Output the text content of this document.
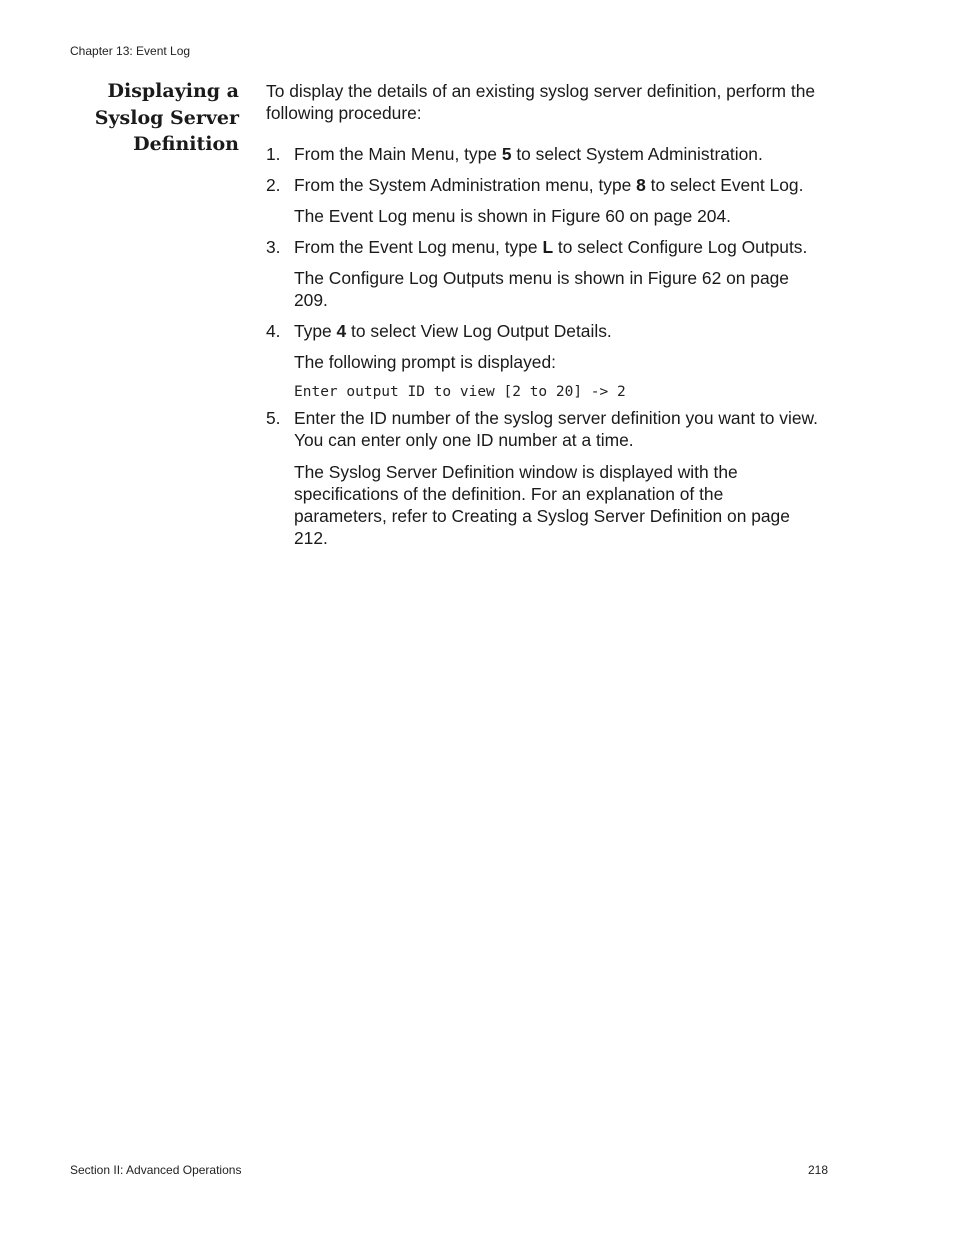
Chapter 13: Event Log
Displaying a
Syslog Server
Definition

To display the details of an existing syslog server definition, perform the following procedure:

1. From the Main Menu, type 5 to select System Administration.
2. From the System Administration menu, type 8 to select Event Log.

The Event Log menu is shown in Figure 60 on page 204.

3. From the Event Log menu, type L to select Configure Log Outputs.

The Configure Log Outputs menu is shown in Figure 62 on page 209.

4. Type 4 to select View Log Output Details.

The following prompt is displayed:

Enter output ID to view [2 to 20] -> 2
5. Enter the ID number of the syslog server definition you want to view. You can enter only one ID number at a time.

The Syslog Server Definition window is displayed with the specifications of the definition. For an explanation of the parameters, refer to Creating a Syslog Server Definition on page 212.

Section II: Advanced Operations	218
